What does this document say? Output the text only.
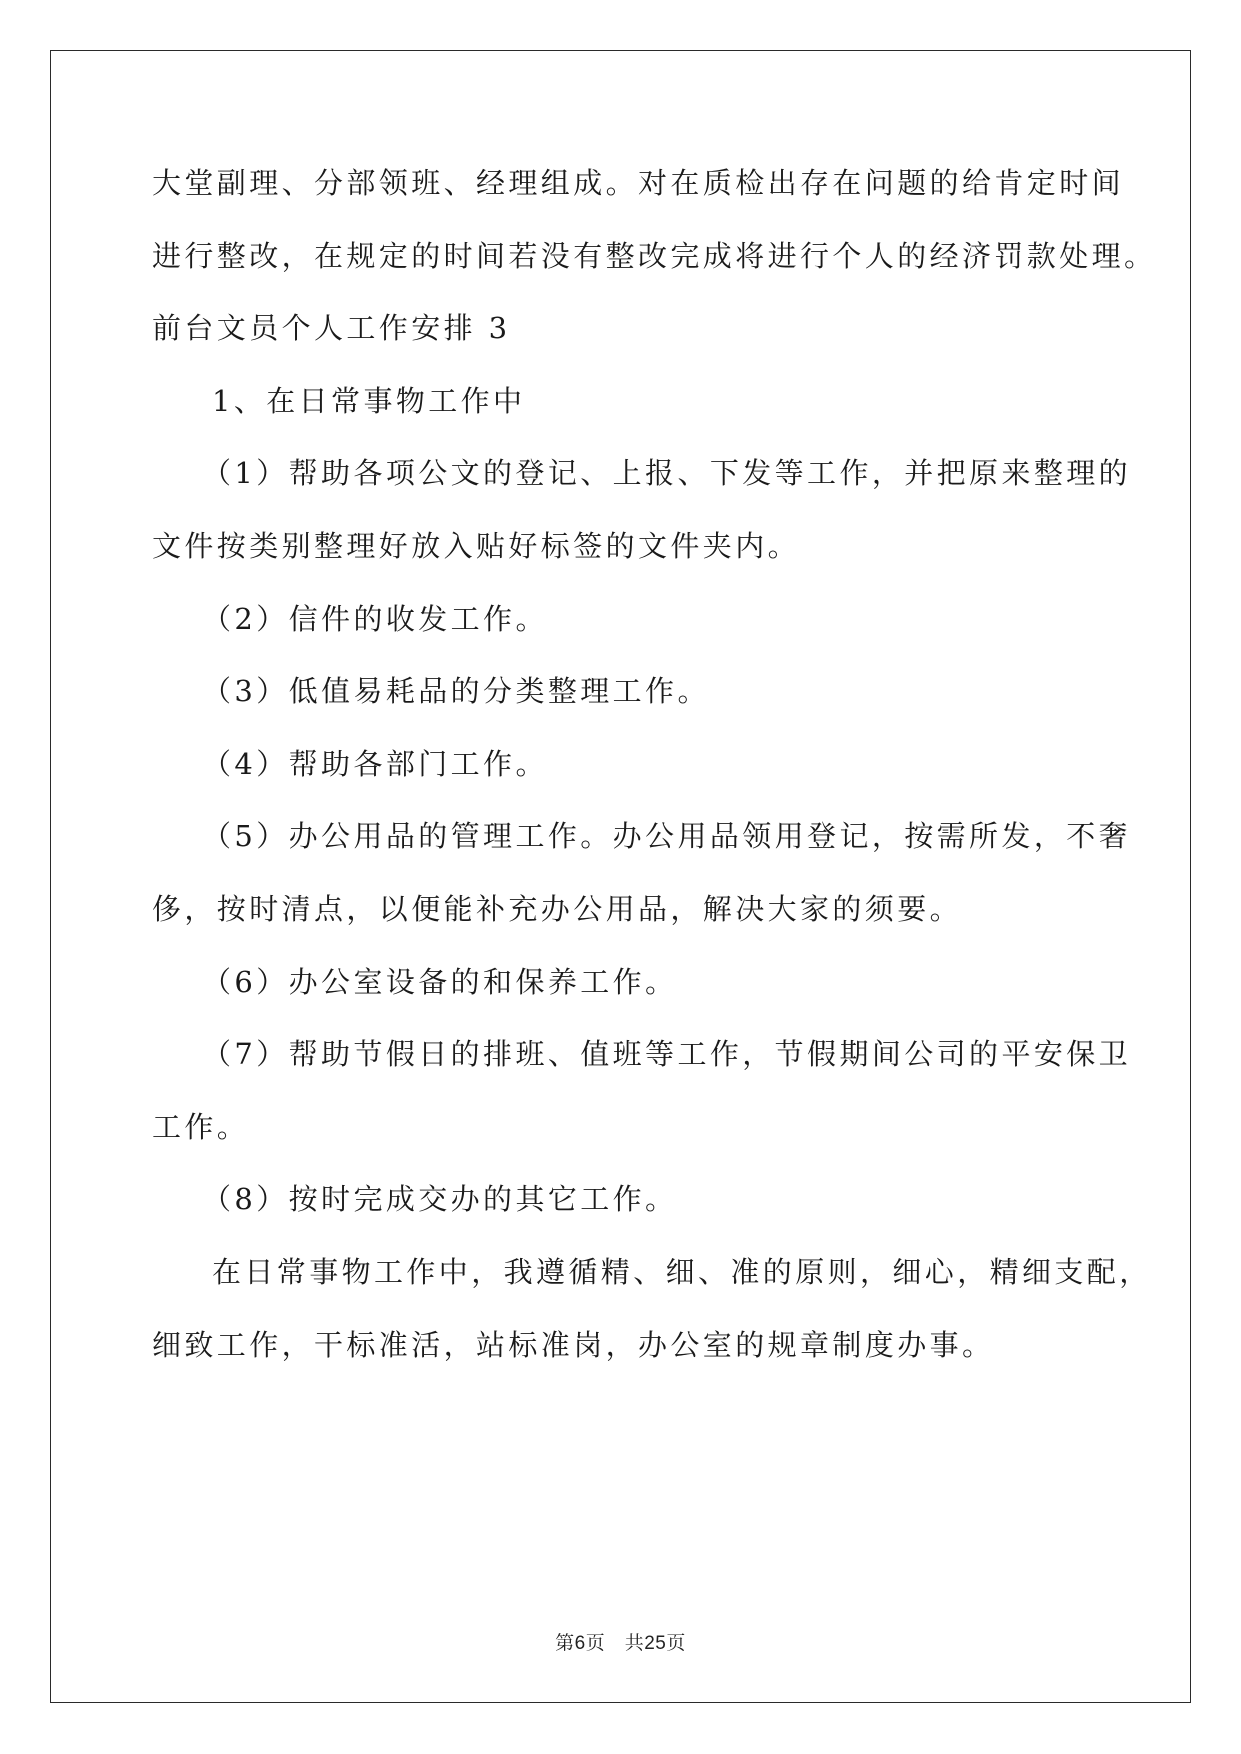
大堂副理、分部领班、经理组成。对在质检出存在问题的给肯定时间
进行整改，在规定的时间若没有整改完成将进行个人的经济罚款处理。
前台文员个人工作安排 3
1、在日常事物工作中
（1）帮助各项公文的登记、上报、下发等工作，并把原来整理的
文件按类别整理好放入贴好标签的文件夹内。
（2）信件的收发工作。
（3）低值易耗品的分类整理工作。
（4）帮助各部门工作。
（5）办公用品的管理工作。办公用品领用登记，按需所发，不奢
侈，按时清点，以便能补充办公用品，解决大家的须要。
（6）办公室设备的和保养工作。
（7）帮助节假日的排班、值班等工作，节假期间公司的平安保卫
工作。
（8）按时完成交办的其它工作。
在日常事物工作中，我遵循精、细、准的原则，细心，精细支配，
细致工作，干标准活，站标准岗，办公室的规章制度办事。
第6页　共25页
